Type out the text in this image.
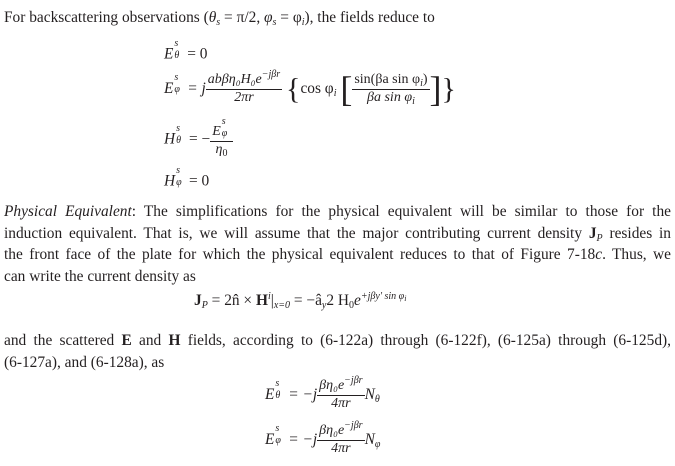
For backscattering observations ($\theta_s = \pi/2$, $\varphi_s = \varphi_i$), the fields reduce to
E
s
θ = 0
E
s
φ = j $\frac{ab\beta\eta_0H_0e^{-j\beta r}}{2\pi r} \{\cos$ $\varphi_i$ [ $\frac{\sin(\beta a \sin \varphi_i)}{\beta a \sin \varphi_i}$ ]}
H
s
θ = − E
s
φ
$\eta_0$
H
s
φ = 0
Physical Equivalent: The simplifications for the physical equivalent will be similar to those for the
induction equivalent. That is, we will assume that the major contributing current density $J_P$ resides in
the front face of the plate for which the physical equivalent reduces to that of Figure 7-18c. Thus, we
can write the current density as
$J_P$ = 2n̂ × $H^i|_{x=0}$ = $-â_y2$ $H_0e^{+j\beta y' sin \varphi_i}$
and the scattered E and H fields, according to (6-122a) through (6-122f), (6-125a) through (6-125d),
(6-127a), and (6-128a), as
E
s
$\theta = -j \frac{\beta\eta_0e^{-j\beta r}}{4\pi r} N_\theta$
E
s
$\varphi = -j \frac{\beta\eta_0e^{-j\beta r}}{4\pi r} N_\varphi$
